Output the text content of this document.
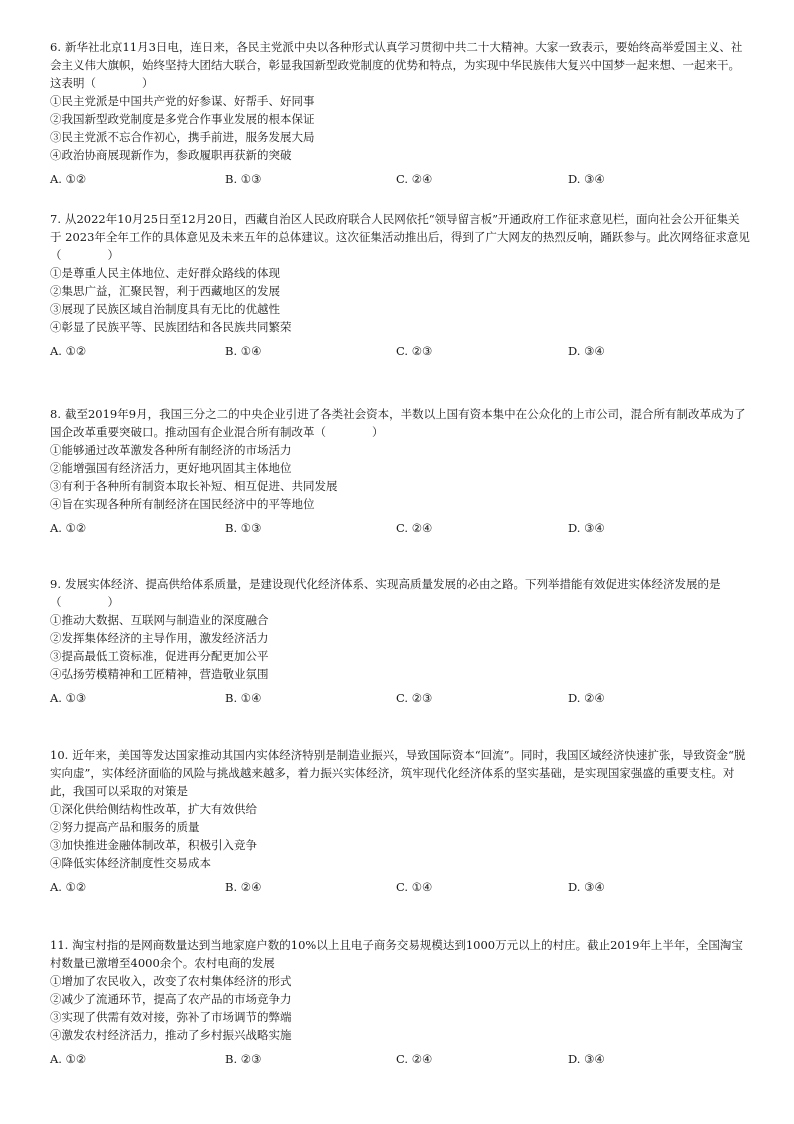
6. 新华社北京11月3日电，连日来，各民主党派中央以各种形式认真学习贯彻中共二十大精神。大家一致表示，要始终高举爱国主义、社会主义伟大旗帜，始终坚持大团结大联合，彰显我国新型政党制度的优势和特点，为实现中华民族伟大复兴中国梦一起来想、一起来干。这表明（　　　　）

①民主党派是中国共产党的好参谋、好帮手、好同事

②我国新型政党制度是多党合作事业发展的根本保证

③民主党派不忘合作初心，携手前进，服务发展大局

④政治协商展现新作为，参政履职再获新的突破

A. ①②	B. ①③	C. ②④	D. ③④

7. 从2022年10月25日至12月20日，西藏自治区人民政府联合人民网依托“领导留言板”开通政府工作征求意见栏，面向社会公开征集关于 2023年全年工作的具体意见及未来五年的总体建议。这次征集活动推出后，得到了广大网友的热烈反响，踊跃参与。此次网络征求意见（　　　　）

①是尊重人民主体地位、走好群众路线的体现

②集思广益，汇聚民智，利于西藏地区的发展

③展现了民族区域自治制度具有无比的优越性

④彰显了民族平等、民族团结和各民族共同繁荣

A. ①②	B. ①④	C. ②③	D. ③④

8. 截至2019年9月，我国三分之二的中央企业引进了各类社会资本，半数以上国有资本集中在公众化的上市公司，混合所有制改革成为了国企改革重要突破口。推动国有企业混合所有制改革（　　　　）

①能够通过改革激发各种所有制经济的市场活力

②能增强国有经济活力，更好地巩固其主体地位

③有利于各种所有制资本取长补短、相互促进、共同发展

④旨在实现各种所有制经济在国民经济中的平等地位

A. ①②	B. ①③	C. ②④	D. ③④

9. 发展实体经济、提高供给体系质量，是建设现代化经济体系、实现高质量发展的必由之路。下列举措能有效促进实体经济发展的是（　　　　）

①推动大数据、互联网与制造业的深度融合

②发挥集体经济的主导作用，激发经济活力

③提高最低工资标准，促进再分配更加公平

④弘扬劳模精神和工匠精神，营造敬业氛围

A. ①③	B. ①④	C. ②③	D. ②④

10. 近年来，美国等发达国家推动其国内实体经济特别是制造业振兴，导致国际资本“回流”。同时，我国区域经济快速扩张，导致资金“脱实向虚”，实体经济面临的风险与挑战越来越多，着力振兴实体经济，筑牢现代化经济体系的坚实基础，是实现国家强盛的重要支柱。对此，我国可以采取的对策是

①深化供给侧结构性改革，扩大有效供给

②努力提高产品和服务的质量

③加快推进金融体制改革，积极引入竞争

④降低实体经济制度性交易成本

A. ①②	B. ②④	C. ①④	D. ③④

11. 淘宝村指的是网商数量达到当地家庭户数的10%以上且电子商务交易规模达到1000万元以上的村庄。截止2019年上半年，全国淘宝村数量已激增至4000余个。农村电商的发展

①增加了农民收入，改变了农村集体经济的形式

②减少了流通环节，提高了农产品的市场竞争力

③实现了供需有效对接，弥补了市场调节的弊端

④激发农村经济活力，推动了乡村振兴战略实施

A. ①②	B. ②③	C. ②④	D. ③④
